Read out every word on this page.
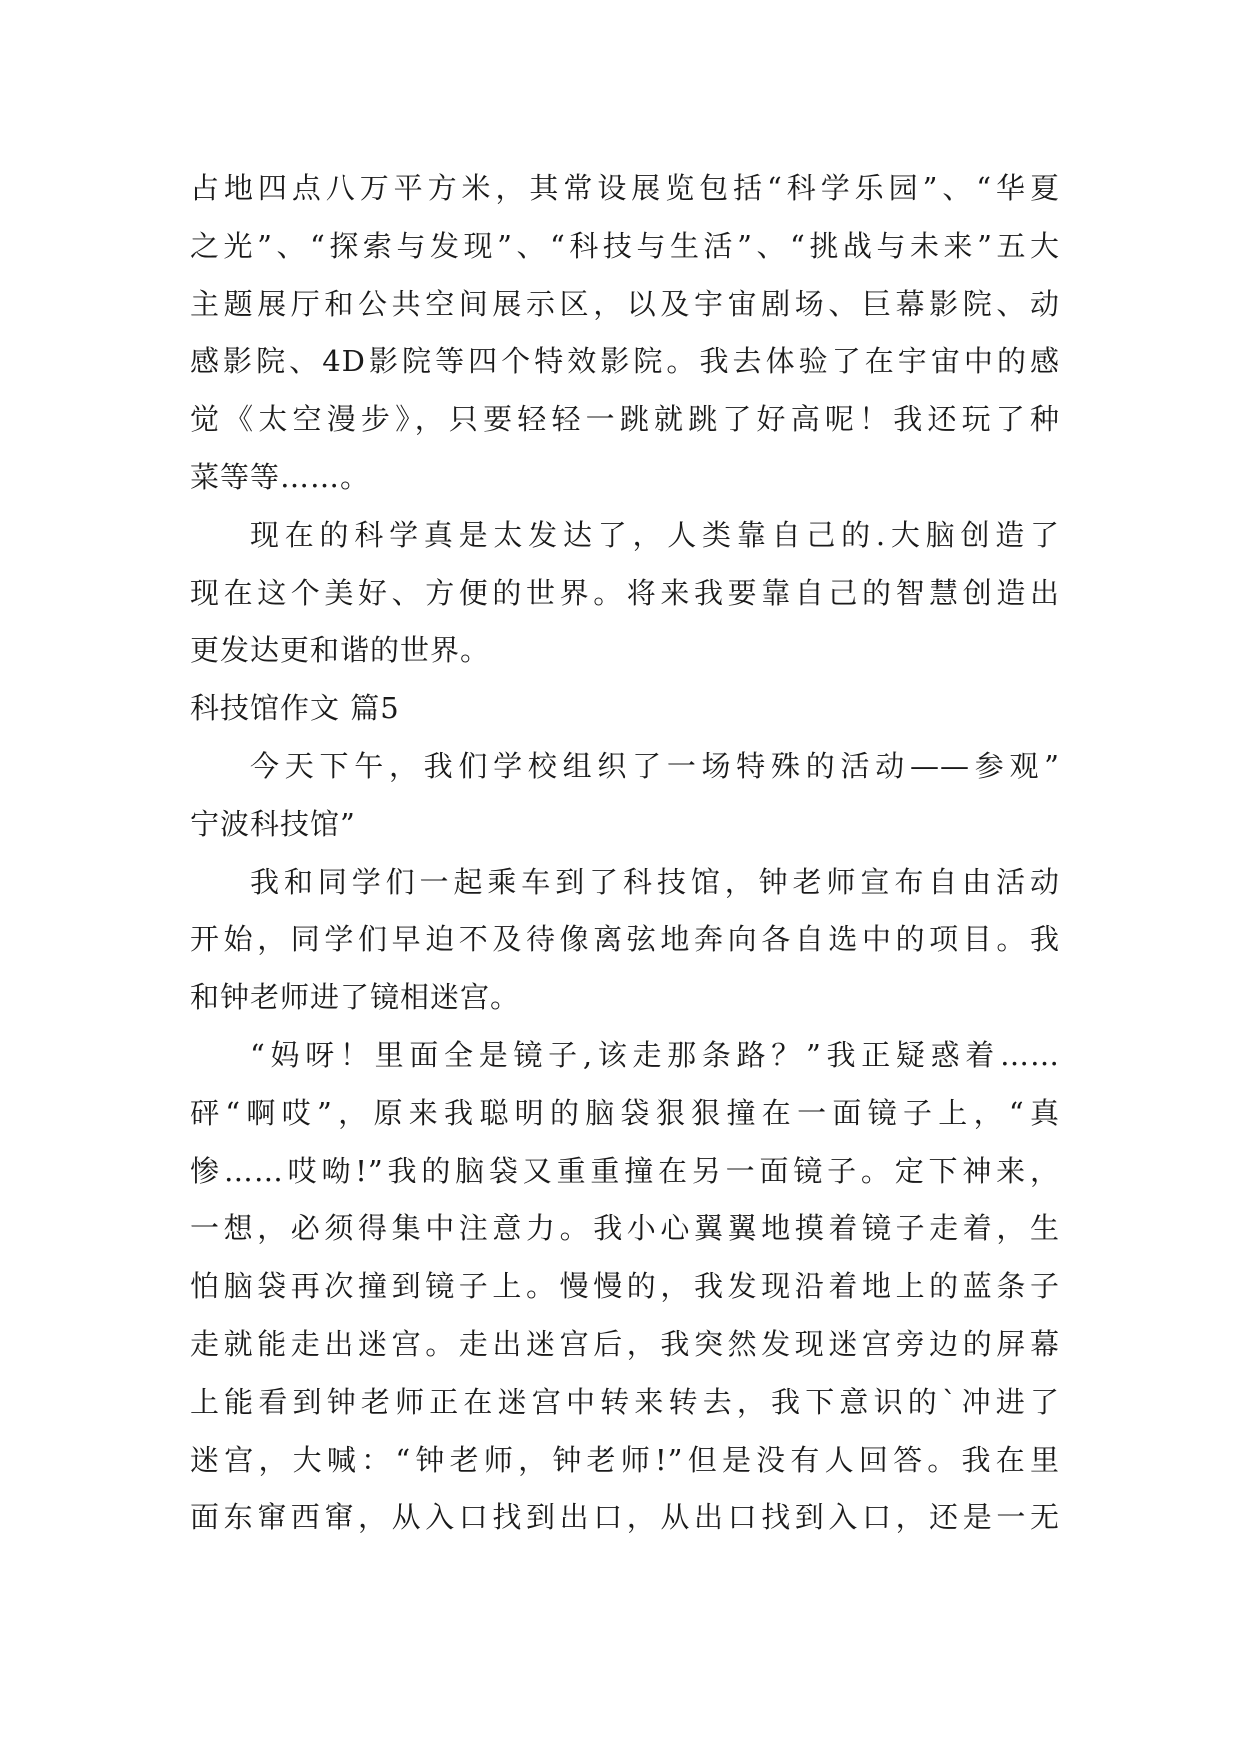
占地四点八万平方米，其常设展览包括“科学乐园”、“华夏
之光”、“探索与发现”、“科技与生活”、“挑战与未来”五大
主题展厅和公共空间展示区，以及宇宙剧场、巨幕影院、动
感影院、4D影院等四个特效影院。我去体验了在宇宙中的感
觉《太空漫步》，只要轻轻一跳就跳了好高呢！我还玩了种
菜等等……。
现在的科学真是太发达了，人类靠自己的.大脑创造了
现在这个美好、方便的世界。将来我要靠自己的智慧创造出
更发达更和谐的世界。
科技馆作文 篇5
今天下午，我们学校组织了一场特殊的活动——参观”
宁波科技馆”
我和同学们一起乘车到了科技馆，钟老师宣布自由活动
开始，同学们早迫不及待像离弦地奔向各自选中的项目。我
和钟老师进了镜相迷宫。
“妈呀！里面全是镜子,该走那条路？”我正疑惑着……
砰“啊哎”，原来我聪明的脑袋狠狠撞在一面镜子上，“真
惨……哎呦!”我的脑袋又重重撞在另一面镜子。定下神来，
一想，必须得集中注意力。我小心翼翼地摸着镜子走着，生
怕脑袋再次撞到镜子上。慢慢的，我发现沿着地上的蓝条子
走就能走出迷宫。走出迷宫后，我突然发现迷宫旁边的屏幕
上能看到钟老师正在迷宫中转来转去，我下意识的`冲进了
迷宫，大喊：“钟老师，钟老师!”但是没有人回答。我在里
面东窜西窜，从入口找到出口，从出口找到入口，还是一无
